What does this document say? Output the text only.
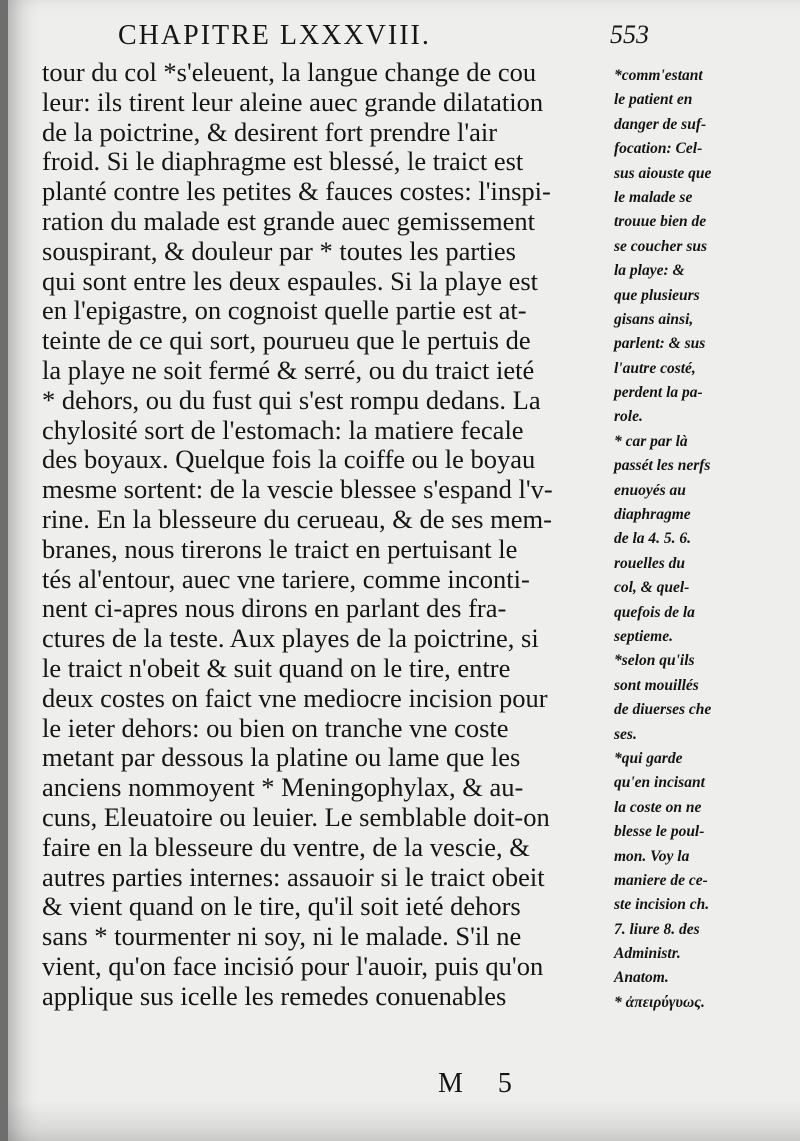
CHAPITRE LXXXVIII.	553
tour du col *s'eleuent, la langue change de cou
leur: ils tirent leur aleine auec grande dilatation
de la poictrine, & desirent fort prendre l'air
froid. Si le diaphragme est blessé, le traict est
planté contre les petites & fauces costes: l'inspi-
ration du malade est grande auec gemissement
souspirant, & douleur par * toutes les parties
qui sont entre les deux espaules. Si la playe est
en l'epigastre, on cognoist quelle partie est at-
teinte de ce qui sort, pourueu que le pertuis de
la playe ne soit fermé & serré, ou du traict ieté
* dehors, ou du fust qui s'est rompu dedans. La
chylosité sort de l'estomach: la matiere fecale
des boyaux. Quelque fois la coiffe ou le boyau
mesme sortent: de la vescie blessee s'espand l'v-
rine. En la blesseure du cerueau, & de ses mem-
branes, nous tirerons le traict en pertuisant le
tés al'entour, auec vne tariere, comme inconti-
nent ci-apres nous dirons en parlant des fra-
ctures de la teste. Aux playes de la poictrine, si
le traict n'obeit & suit quand on le tire, entre
deux costes on faict vne mediocre incision pour
le ieter dehors: ou bien on tranche vne coste
metant par dessous la platine ou lame que les
anciens nommoyent * Meningophylax, & au-
cuns, Eleuatoire ou leuier. Le semblable doit-on
faire en la blesseure du ventre, de la vescie, &
autres parties internes: assauoir si le traict obeit
& vient quand on le tire, qu'il soit ieté dehors
sans * tourmenter ni soy, ni le malade. S'il ne
vient, qu'on face incisió pour l'auoir, puis qu'on
applique sus icelle les remedes conuenables
*comm'estant
le patient en
danger de suf-
focation: Cel-
sus aiouste que
le malade se
trouue bien de
se coucher sus
la playe: &
que plusieurs
gisans ainsi,
parlent: & sus
l'autre costé,
perdent la pa-
role.
* car par là
passét les nerfs
enuoyés au
diaphragme
de la 4. 5. 6.
rouelles du
col, & quel-
quefois de la
septieme.
*selon qu'ils
sont mouillés
de diuerses che
ses.
*qui garde
qu'en incisant
la coste on ne
blesse le poul-
mon. Voy la
maniere de ce-
ste incision ch.
7. liure 8. des
Administr.
Anatom.
* ἀπειρύγυως.
M 5
